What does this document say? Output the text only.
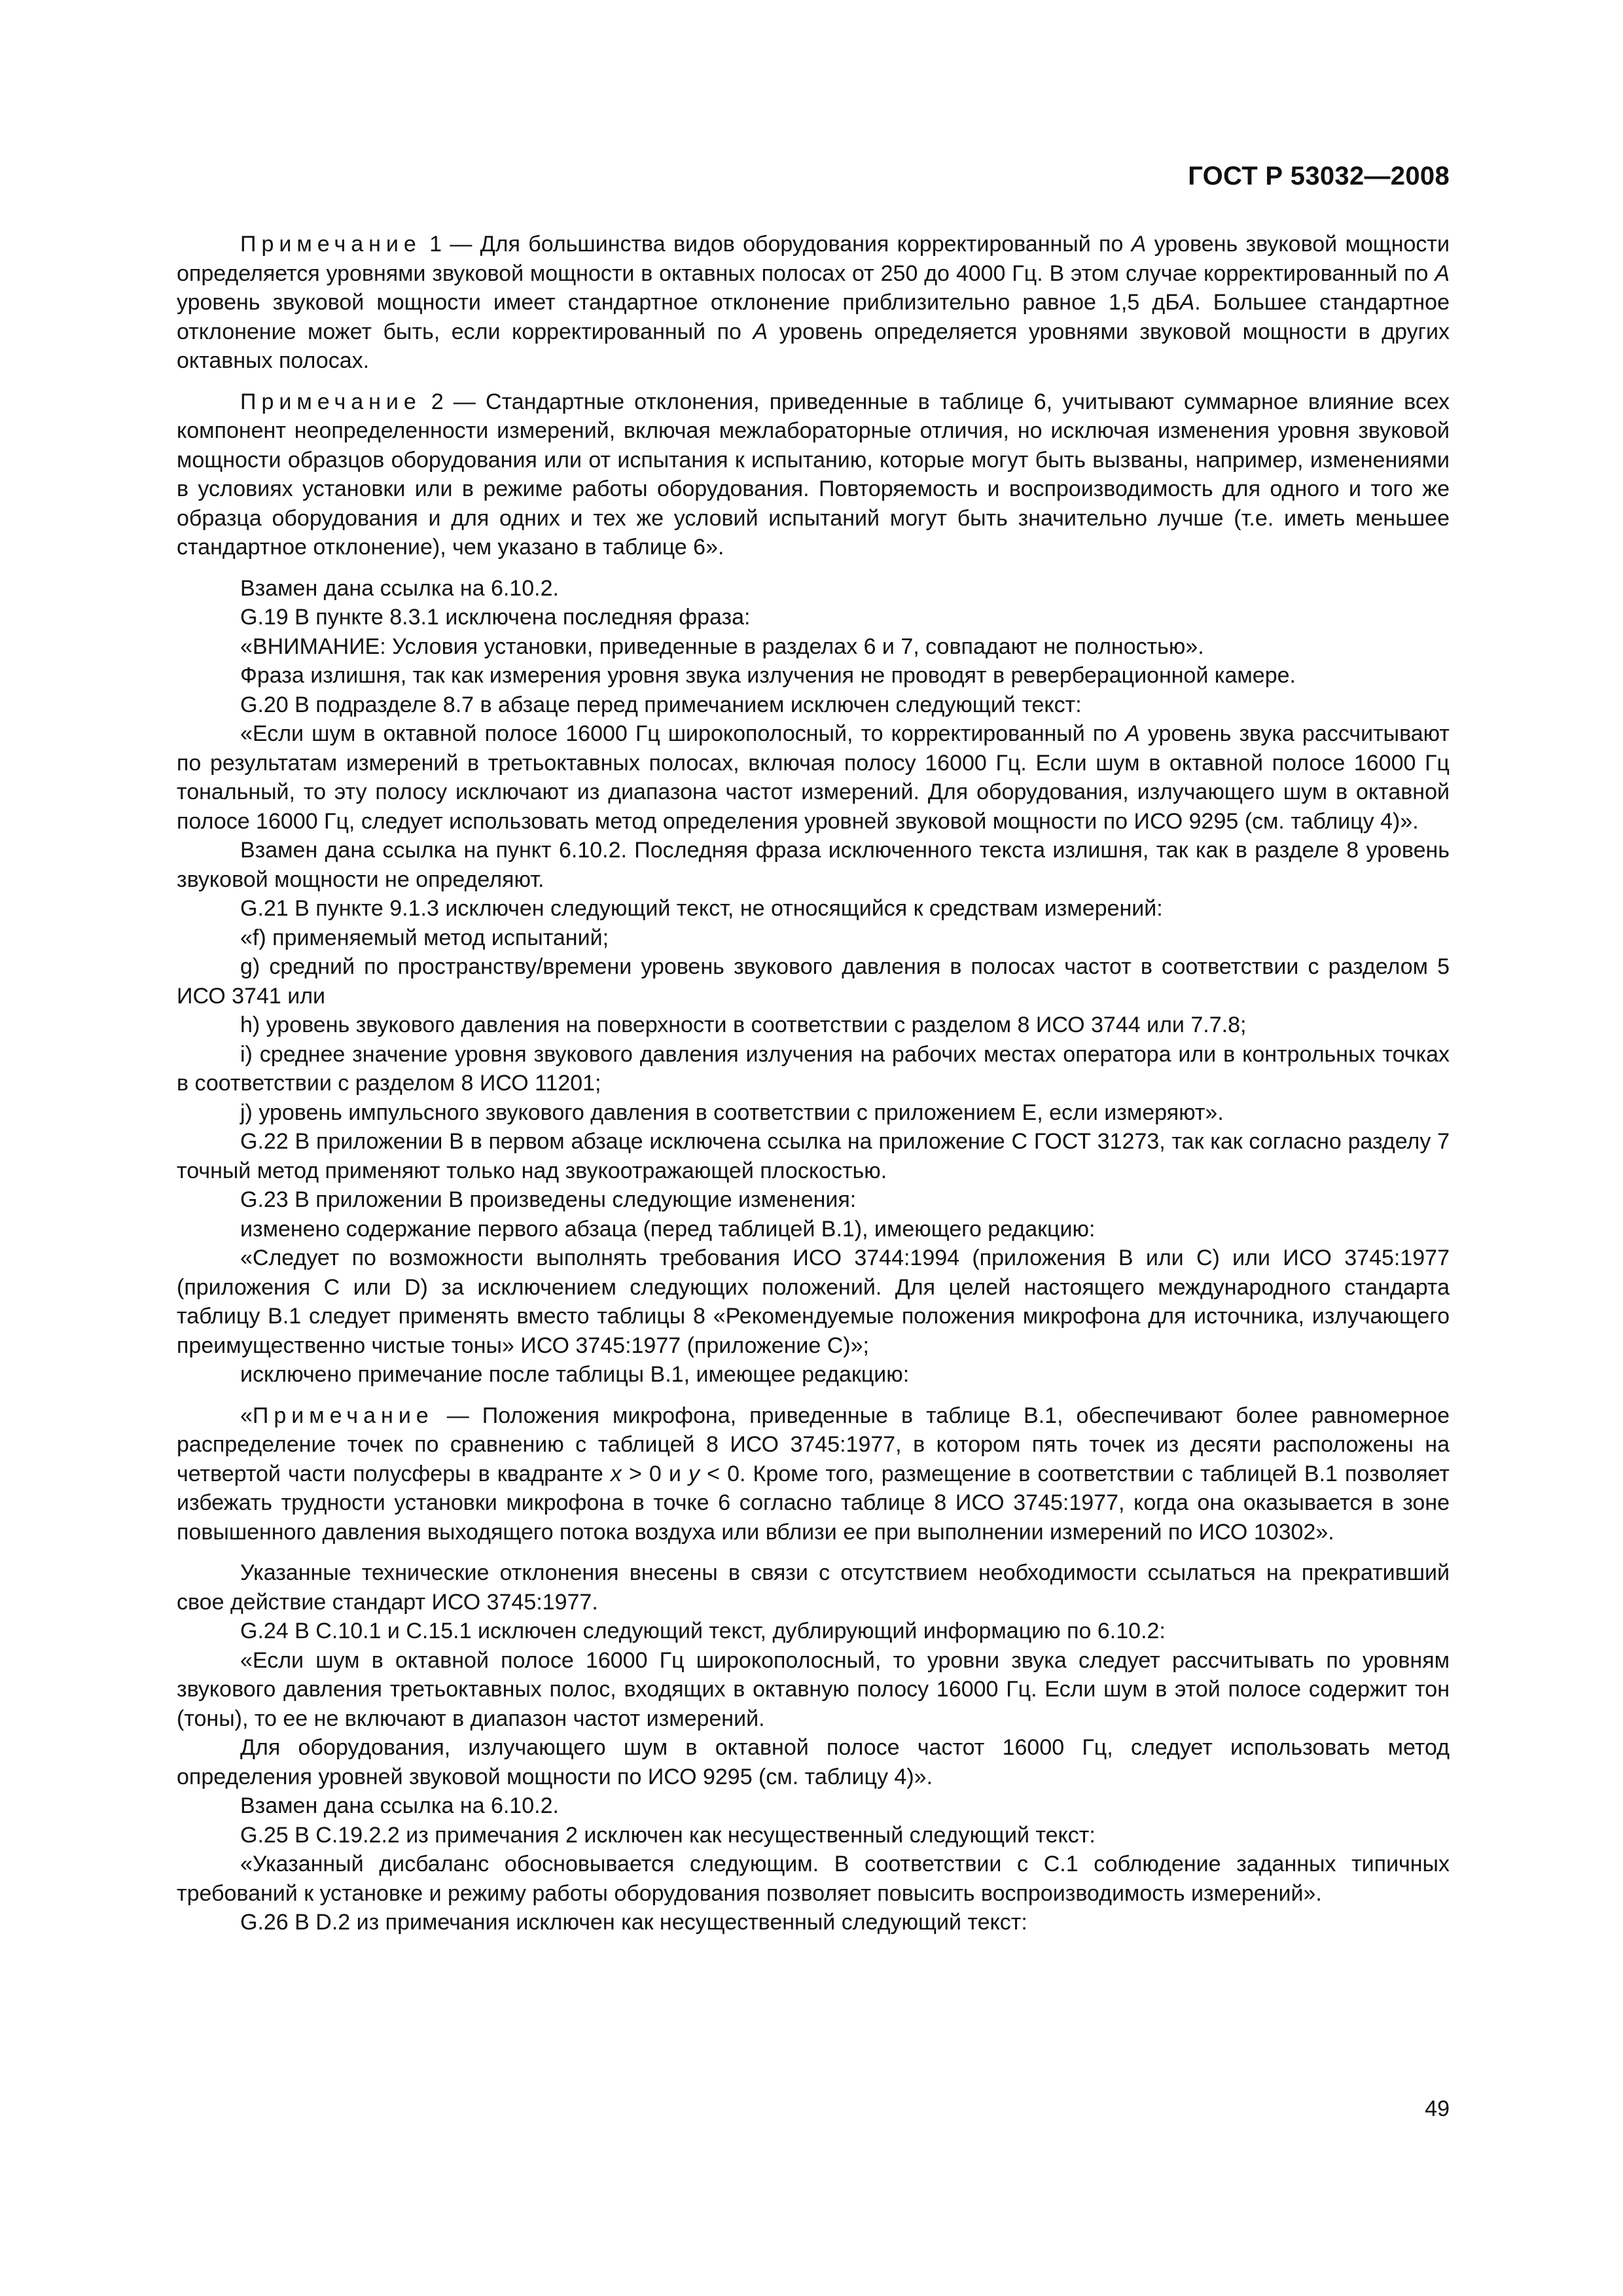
ГОСТ Р 53032—2008

Примечание 1 — Для большинства видов оборудования корректированный по А уровень звуковой мощности определяется уровнями звуковой мощности в октавных полосах от 250 до 4000 Гц. В этом случае корректированный по А уровень звуковой мощности имеет стандартное отклонение приблизительно равное 1,5 дБА. Большее стандартное отклонение может быть, если корректированный по А уровень определяется уровнями звуковой мощности в других октавных полосах.

Примечание 2 — Стандартные отклонения, приведенные в таблице 6, учитывают суммарное влияние всех компонент неопределенности измерений, включая межлабораторные отличия, но исключая изменения уровня звуковой мощности образцов оборудования или от испытания к испытанию, которые могут быть вызваны, например, изменениями в условиях установки или в режиме работы оборудования. Повторяемость и воспроизводимость для одного и того же образца оборудования и для одних и тех же условий испытаний могут быть значительно лучше (т.е. иметь меньшее стандартное отклонение), чем указано в таблице 6».

Взамен дана ссылка на 6.10.2.

G.19 В пункте 8.3.1 исключена последняя фраза:

«ВНИМАНИЕ: Условия установки, приведенные в разделах 6 и 7, совпадают не полностью».

Фраза излишня, так как измерения уровня звука излучения не проводят в реверберационной камере.

G.20 В подразделе 8.7 в абзаце перед примечанием исключен следующий текст:

«Если шум в октавной полосе 16000 Гц широкополосный, то корректированный по А уровень звука рассчитывают по результатам измерений в третьоктавных полосах, включая полосу 16000 Гц. Если шум в октавной полосе 16000 Гц тональный, то эту полосу исключают из диапазона частот измерений. Для оборудования, излучающего шум в октавной полосе 16000 Гц, следует использовать метод определения уровней звуковой мощности по ИСО 9295 (см. таблицу 4)».

Взамен дана ссылка на пункт 6.10.2. Последняя фраза исключенного текста излишня, так как в разделе 8 уровень звуковой мощности не определяют.

G.21 В пункте 9.1.3 исключен следующий текст, не относящийся к средствам измерений:

«f) применяемый метод испытаний;

g) средний по пространству/времени уровень звукового давления в полосах частот в соответствии с разделом 5 ИСО 3741 или

h) уровень звукового давления на поверхности в соответствии с разделом 8 ИСО 3744 или 7.7.8;

i) среднее значение уровня звукового давления излучения на рабочих местах оператора или в контрольных точках в соответствии с разделом 8 ИСО 11201;

j) уровень импульсного звукового давления в соответствии с приложением Е, если измеряют».

G.22 В приложении В в первом абзаце исключена ссылка на приложение С ГОСТ 31273, так как согласно разделу 7 точный метод применяют только над звукоотражающей плоскостью.

G.23 В приложении В произведены следующие изменения:

изменено содержание первого абзаца (перед таблицей В.1), имеющего редакцию:

«Следует по возможности выполнять требования ИСО 3744:1994 (приложения В или С) или ИСО 3745:1977 (приложения С или D) за исключением следующих положений. Для целей настоящего международного стандарта таблицу В.1 следует применять вместо таблицы 8 «Рекомендуемые положения микрофона для источника, излучающего преимущественно чистые тоны» ИСО 3745:1977 (приложение С)»;

исключено примечание после таблицы В.1, имеющее редакцию:

«Примечание — Положения микрофона, приведенные в таблице В.1, обеспечивают более равномерное распределение точек по сравнению с таблицей 8 ИСО 3745:1977, в котором пять точек из десяти расположены на четвертой части полусферы в квадранте x > 0 и y < 0. Кроме того, размещение в соответствии с таблицей В.1 позволяет избежать трудности установки микрофона в точке 6 согласно таблице 8 ИСО 3745:1977, когда она оказывается в зоне повышенного давления выходящего потока воздуха или вблизи ее при выполнении измерений по ИСО 10302».

Указанные технические отклонения внесены в связи с отсутствием необходимости ссылаться на прекративший свое действие стандарт ИСО 3745:1977.

G.24 В С.10.1 и С.15.1 исключен следующий текст, дублирующий информацию по 6.10.2:

«Если шум в октавной полосе 16000 Гц широкополосный, то уровни звука следует рассчитывать по уровням звукового давления третьоктавных полос, входящих в октавную полосу 16000 Гц. Если шум в этой полосе содержит тон (тоны), то ее не включают в диапазон частот измерений.

Для оборудования, излучающего шум в октавной полосе частот 16000 Гц, следует использовать метод определения уровней звуковой мощности по ИСО 9295 (см. таблицу 4)».

Взамен дана ссылка на 6.10.2.

G.25 В С.19.2.2 из примечания 2 исключен как несущественный следующий текст:

«Указанный дисбаланс обосновывается следующим. В соответствии с С.1 соблюдение заданных типичных требований к установке и режиму работы оборудования позволяет повысить воспроизводимость измерений».

G.26 В D.2 из примечания исключен как несущественный следующий текст:

49
